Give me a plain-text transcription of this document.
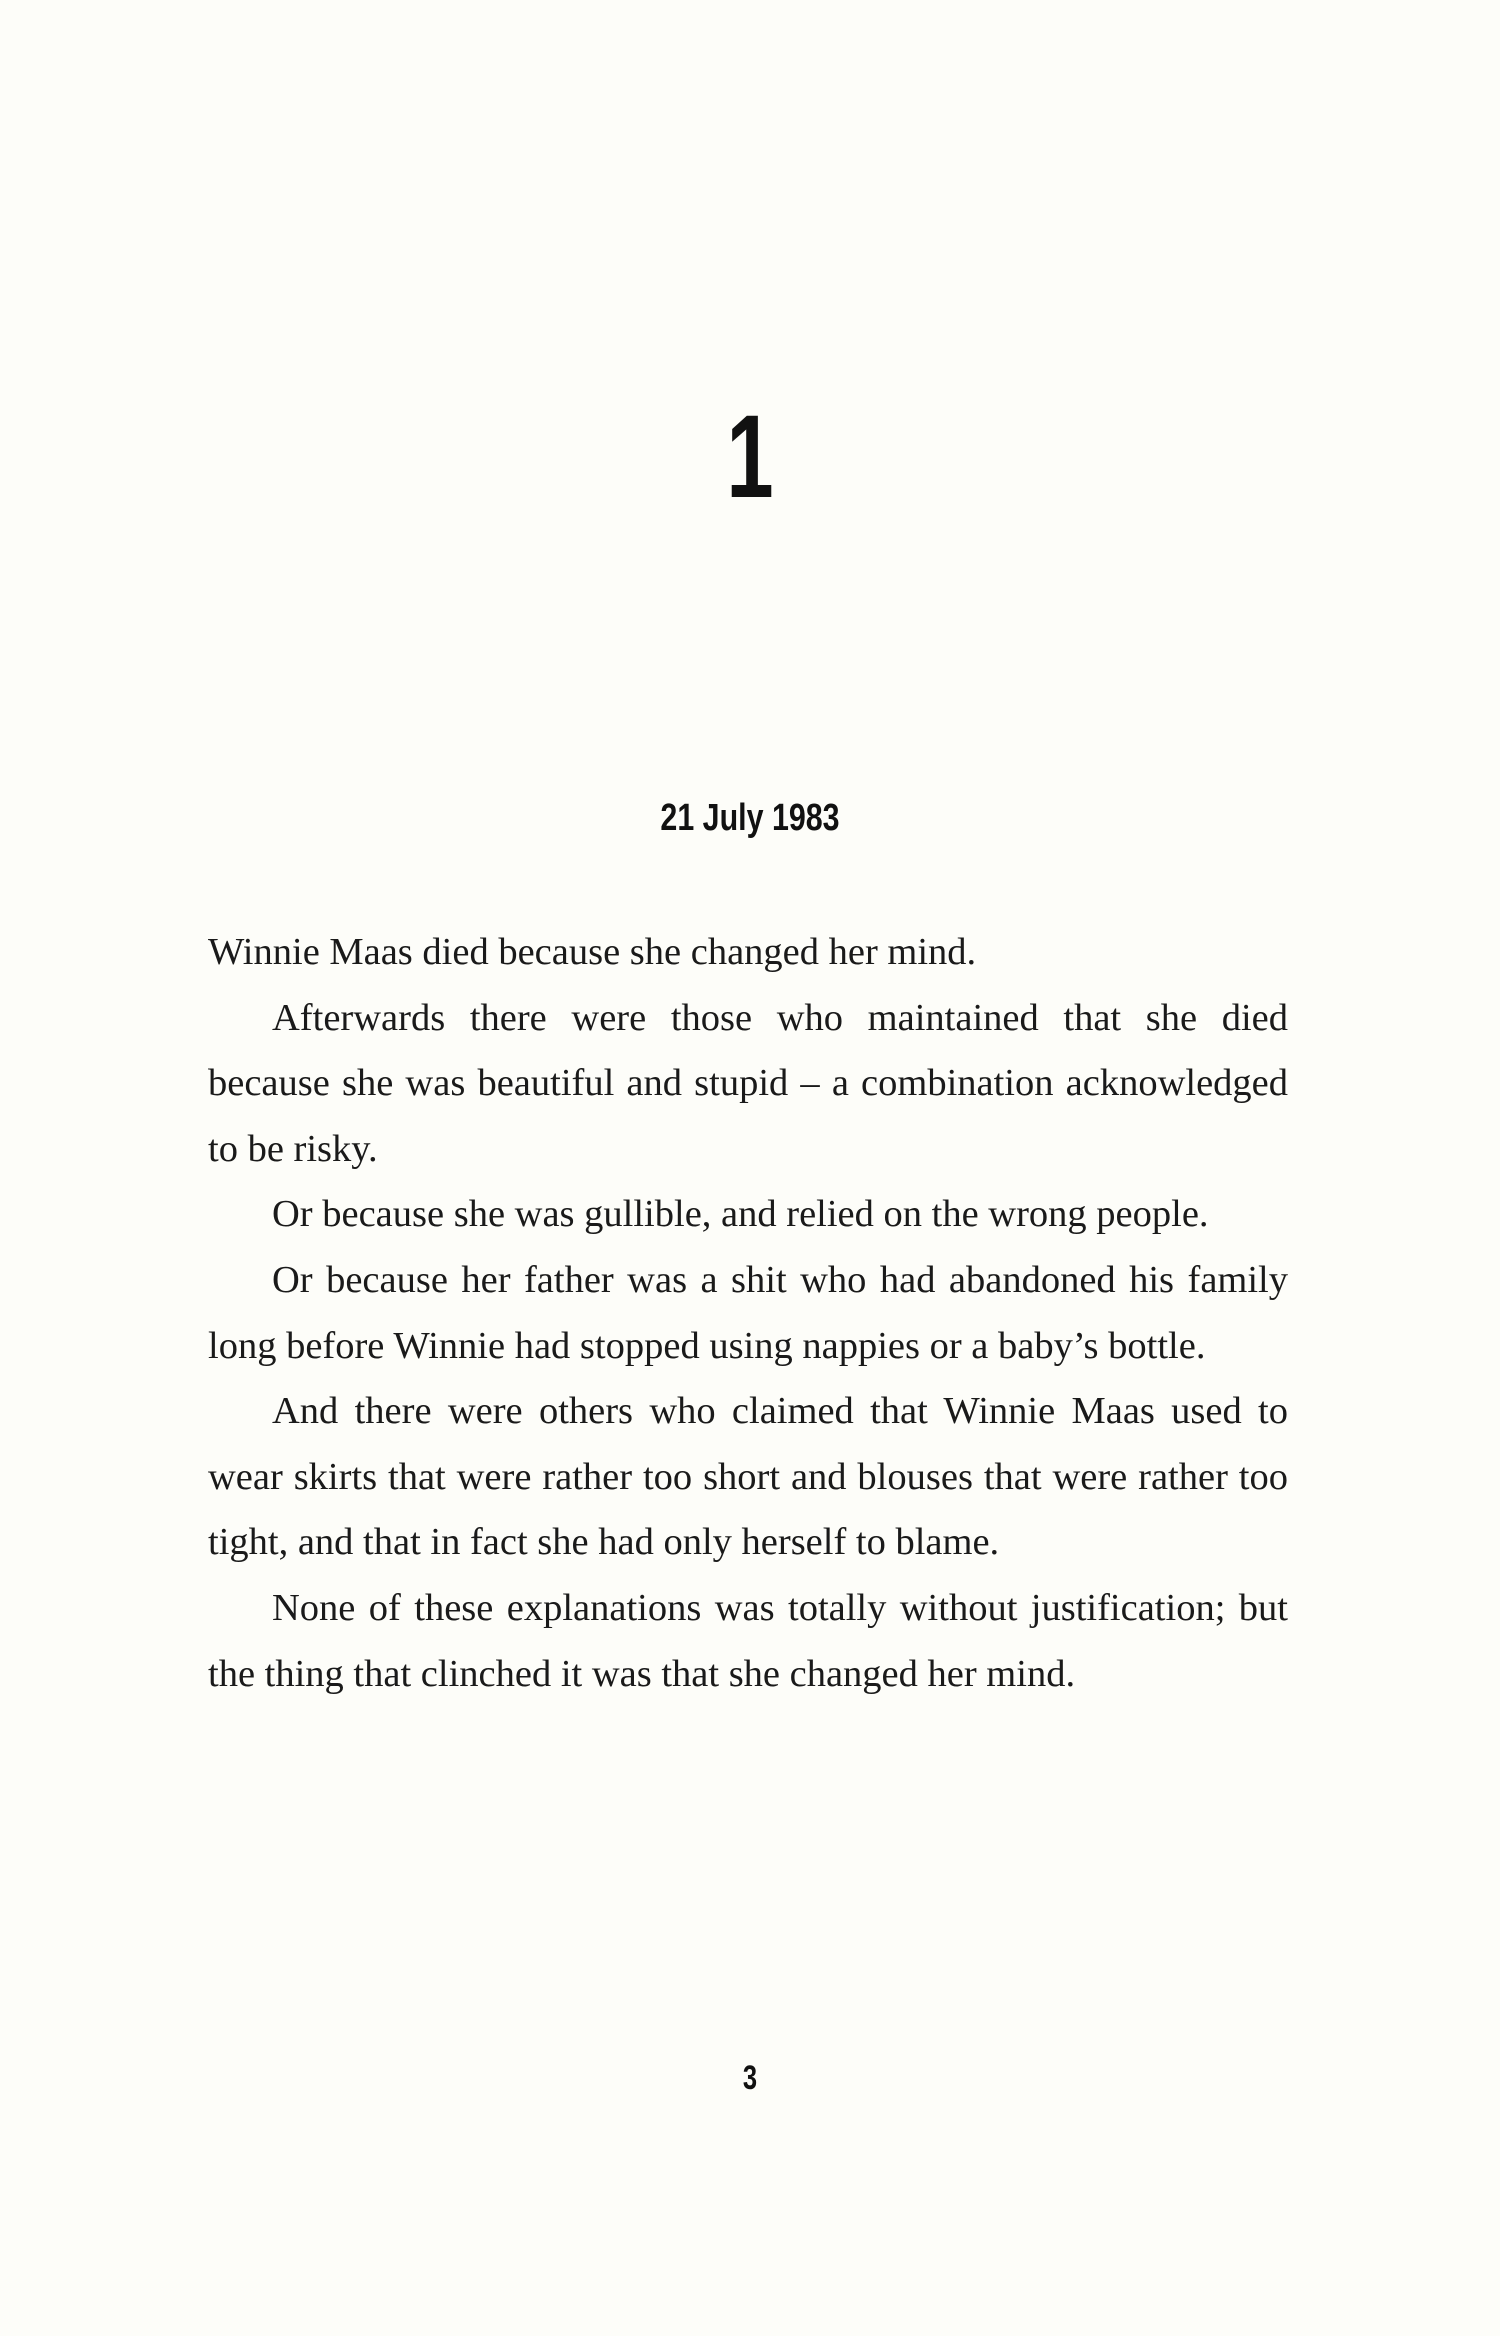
1
21 July 1983

Winnie Maas died because she changed her mind.

Afterwards there were those who maintained that she died because she was beautiful and stupid – a combination acknowledged to be risky.

Or because she was gullible, and relied on the wrong people.

Or because her father was a shit who had abandoned his family long before Winnie had stopped using nappies or a baby’s bottle.

And there were others who claimed that Winnie Maas used to wear skirts that were rather too short and blouses that were rather too tight, and that in fact she had only herself to blame.

None of these explanations was totally without justification; but the thing that clinched it was that she changed her mind.

3
